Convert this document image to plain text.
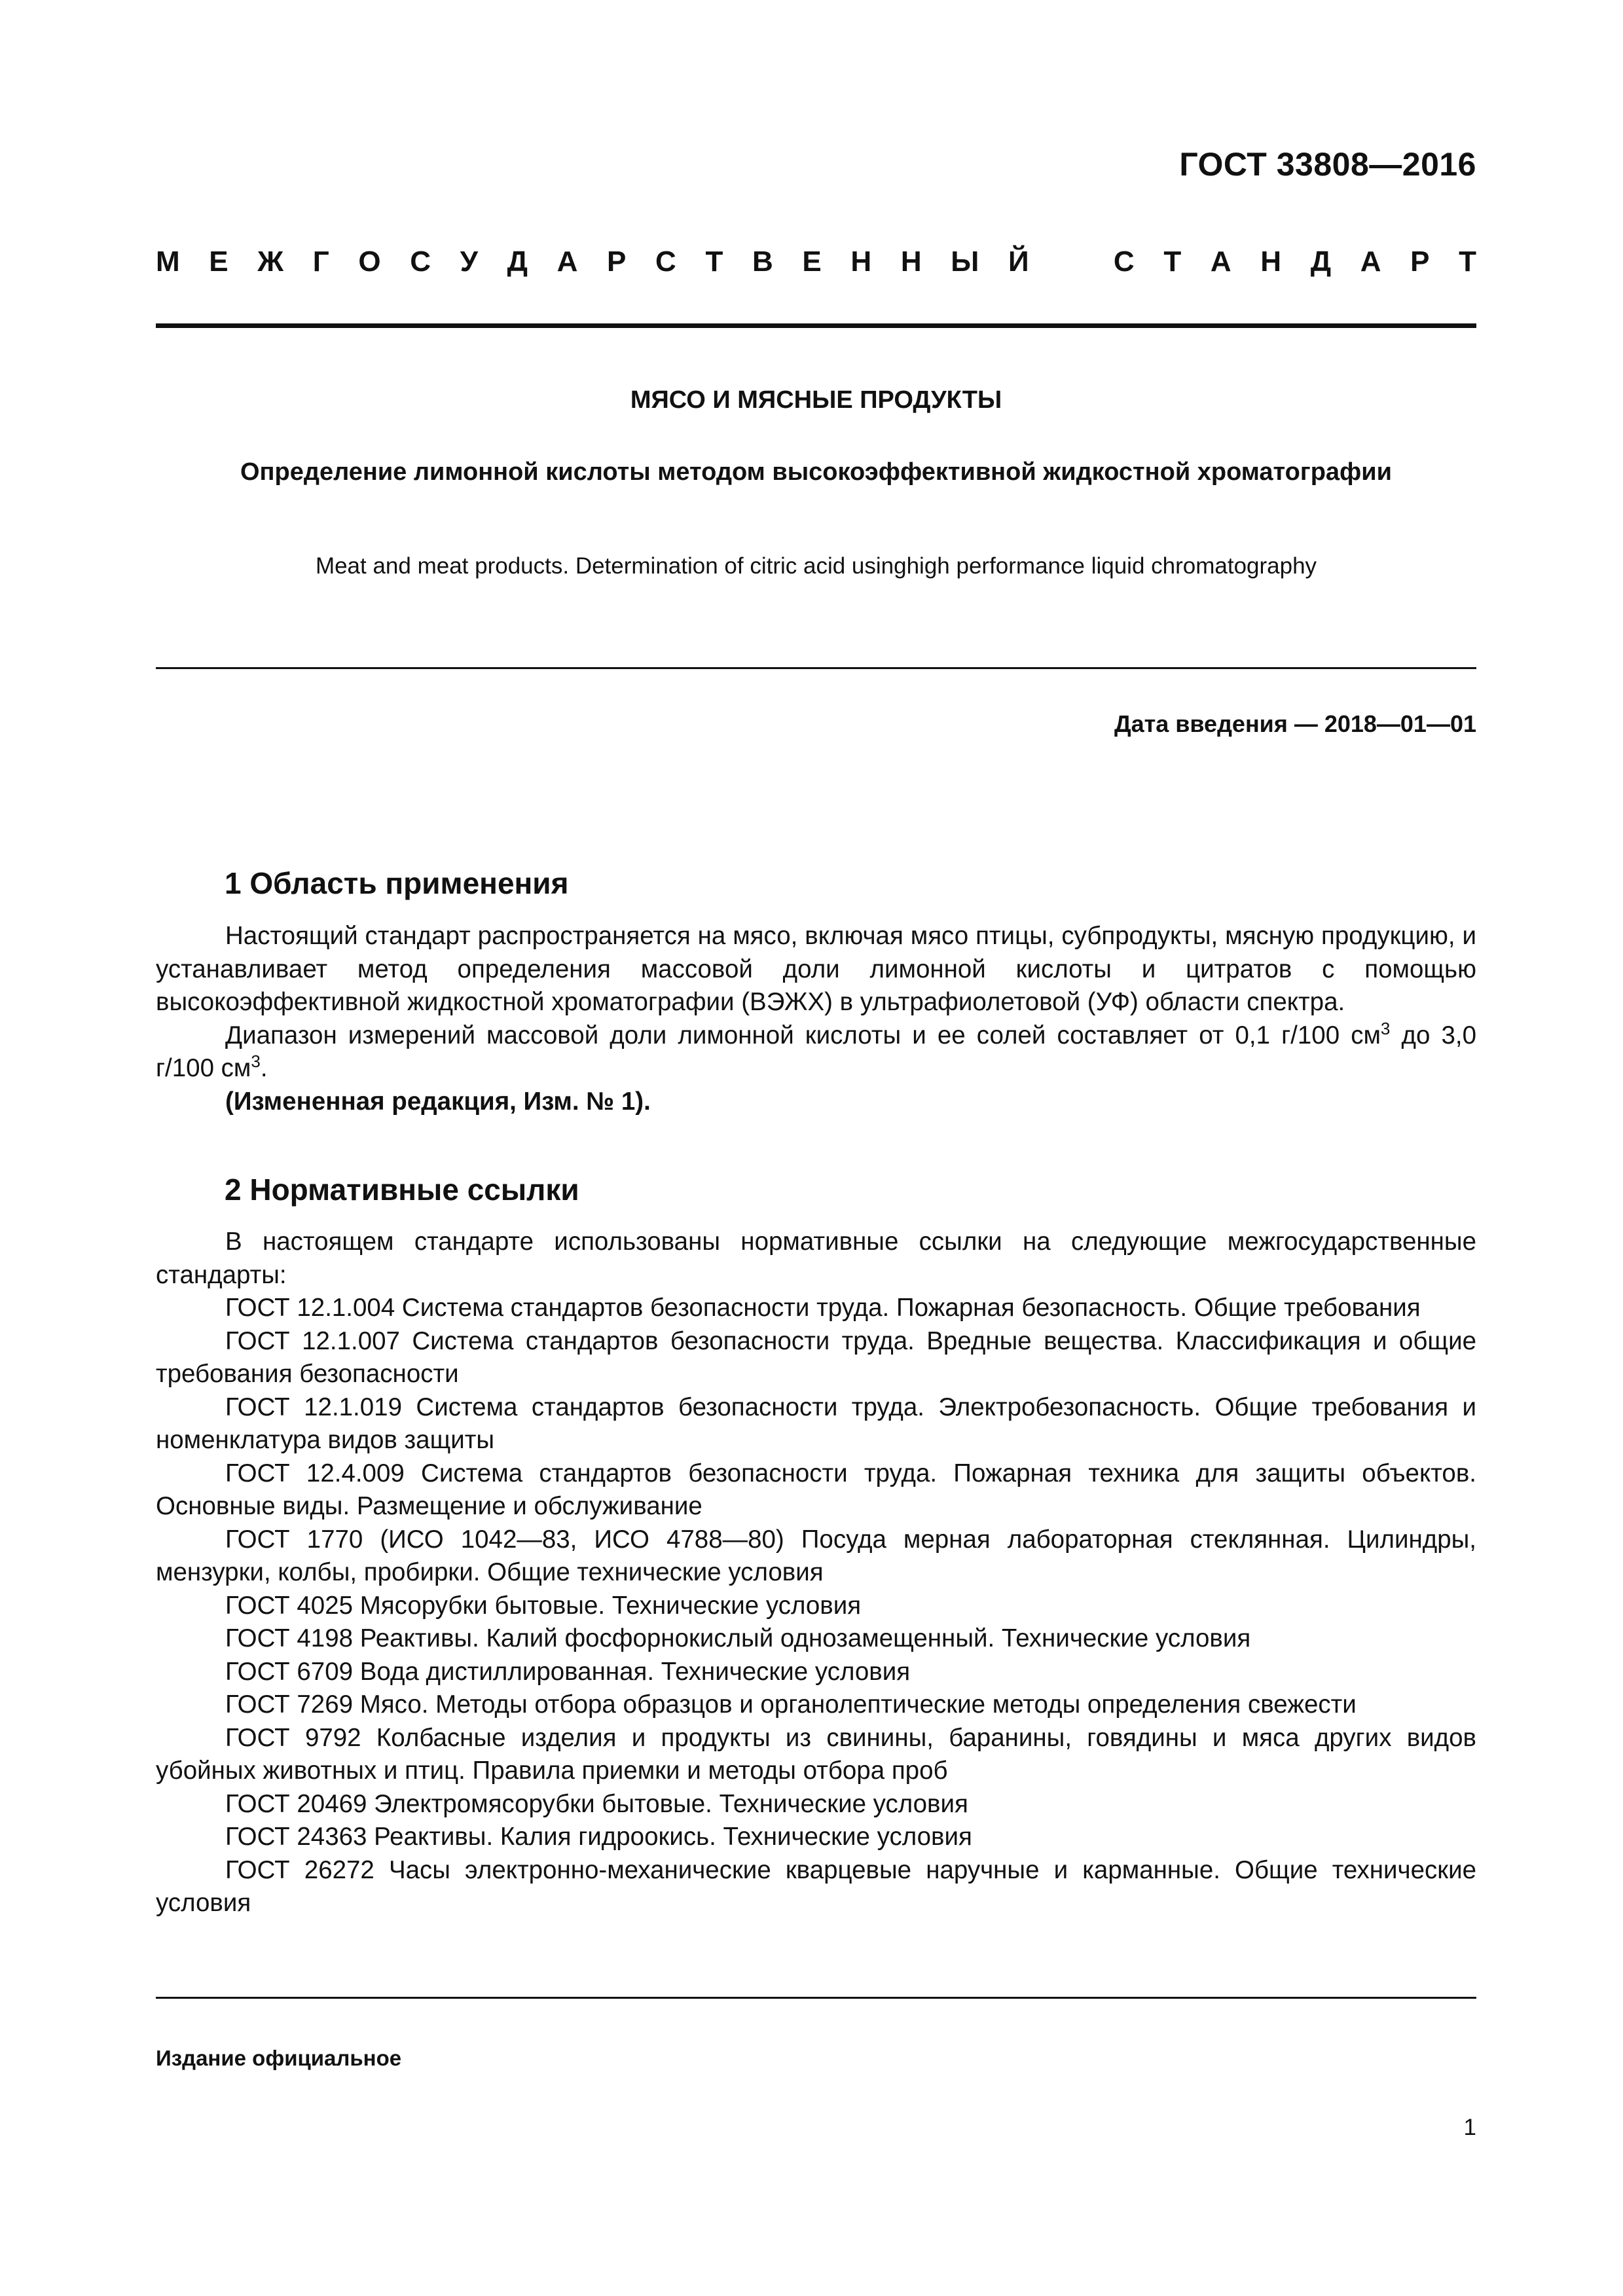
ГОСТ 33808—2016
М Е Ж Г О С У Д А Р С Т В Е Н Н Ы Й	С Т А Н Д А Р Т
МЯСО И МЯСНЫЕ ПРОДУКТЫ
Определение лимонной кислоты методом высокоэффективной жидкостной хроматографии
Meat and meat products. Determination of citric acid usinghigh performance liquid chromatography
Дата введения — 2018—01—01
1 Область применения

Настоящий стандарт распространяется на мясо, включая мясо птицы, субпродукты, мясную продукцию, и устанавливает метод определения массовой доли лимонной кислоты и цитратов с помощью высокоэффективной жидкостной хроматографии (ВЭЖХ) в ультрафиолетовой (УФ) области спектра.

Диапазон измерений массовой доли лимонной кислоты и ее солей составляет от 0,1 г/100 $см^3$ до 3,0 г/100 $см^3$.

(Измененная редакция, Изм. № 1).

2 Нормативные ссылки

В настоящем стандарте использованы нормативные ссылки на следующие межгосударственные стандарты:

ГОСТ 12.1.004 Система стандартов безопасности труда. Пожарная безопасность. Общие требования

ГОСТ 12.1.007 Система стандартов безопасности труда. Вредные вещества. Классификация и общие требования безопасности

ГОСТ 12.1.019 Система стандартов безопасности труда. Электробезопасность. Общие требования и номенклатура видов защиты

ГОСТ 12.4.009 Система стандартов безопасности труда. Пожарная техника для защиты объектов. Основные виды. Размещение и обслуживание

ГОСТ 1770 (ИСО 1042—83, ИСО 4788—80) Посуда мерная лабораторная стеклянная. Цилиндры, мензурки, колбы, пробирки. Общие технические условия

ГОСТ 4025 Мясорубки бытовые. Технические условия

ГОСТ 4198 Реактивы. Калий фосфорнокислый однозамещенный. Технические условия

ГОСТ 6709 Вода дистиллированная. Технические условия

ГОСТ 7269 Мясо. Методы отбора образцов и органолептические методы определения свежести

ГОСТ 9792 Колбасные изделия и продукты из свинины, баранины, говядины и мяса других видов убойных животных и птиц. Правила приемки и методы отбора проб

ГОСТ 20469 Электромясорубки бытовые. Технические условия

ГОСТ 24363 Реактивы. Калия гидроокись. Технические условия

ГОСТ 26272 Часы электронно-механические кварцевые наручные и карманные. Общие технические условия

Издание официальное
1
